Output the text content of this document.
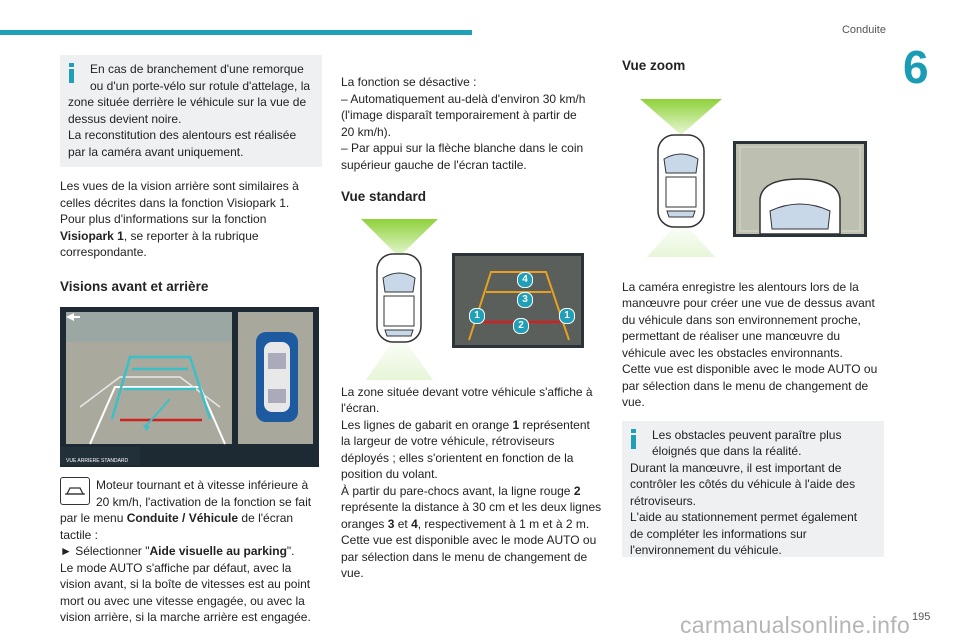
Conduite
6

En cas de branchement d'une remorque

ou d'un porte-vélo sur rotule d'attelage, la

zone située derrière le véhicule sur la vue de

dessus devient noire.

La reconstitution des alentours est réalisée

par la caméra avant uniquement.

Les vues de la vision arrière sont similaires à

celles décrites dans la fonction Visiopark 1.

Pour plus d'informations sur la fonction

Visiopark 1, se reporter à la rubrique

correspondante.

Visions avant et arrière
VUE ARRIERE STANDARD

Moteur tournant et à vitesse inférieure à

20 km/h, l'activation de la fonction se fait

par le menu Conduite / Véhicule de l'écran

tactile :

► Sélectionner "Aide visuelle au parking".

Le mode AUTO s'affiche par défaut, avec la

vision avant, si la boîte de vitesses est au point

mort ou avec une vitesse engagée, ou avec la

vision arrière, si la marche arrière est engagée.

La fonction se désactive :

– Automatiquement au-delà d'environ 30 km/h

(l'image disparaît temporairement à partir de

20 km/h).

– Par appui sur la flèche blanche dans le coin

supérieur gauche de l'écran tactile.

Vue standard
4
3
1
2
1

La zone située devant votre véhicule s'affiche à

l'écran.

Les lignes de gabarit en orange 1 représentent

la largeur de votre véhicule, rétroviseurs

déployés ; elles s'orientent en fonction de la

position du volant.

À partir du pare-chocs avant, la ligne rouge 2

représente la distance à 30 cm et les deux lignes

oranges 3 et 4, respectivement à 1 m et à 2 m.

Cette vue est disponible avec le mode AUTO ou

par sélection dans le menu de changement de

vue.

Vue zoom

La caméra enregistre les alentours lors de la

manœuvre pour créer une vue de dessus avant

du véhicule dans son environnement proche,

permettant de réaliser une manœuvre du

véhicule avec les obstacles environnants.

Cette vue est disponible avec le mode AUTO ou

par sélection dans le menu de changement de

vue.

Les obstacles peuvent paraître plus

éloignés que dans la réalité.

Durant la manœuvre, il est important de

contrôler les côtés du véhicule à l'aide des

rétroviseurs.

L'aide au stationnement permet également

de compléter les informations sur

l'environnement du véhicule.

carmanualsonline.info 195
